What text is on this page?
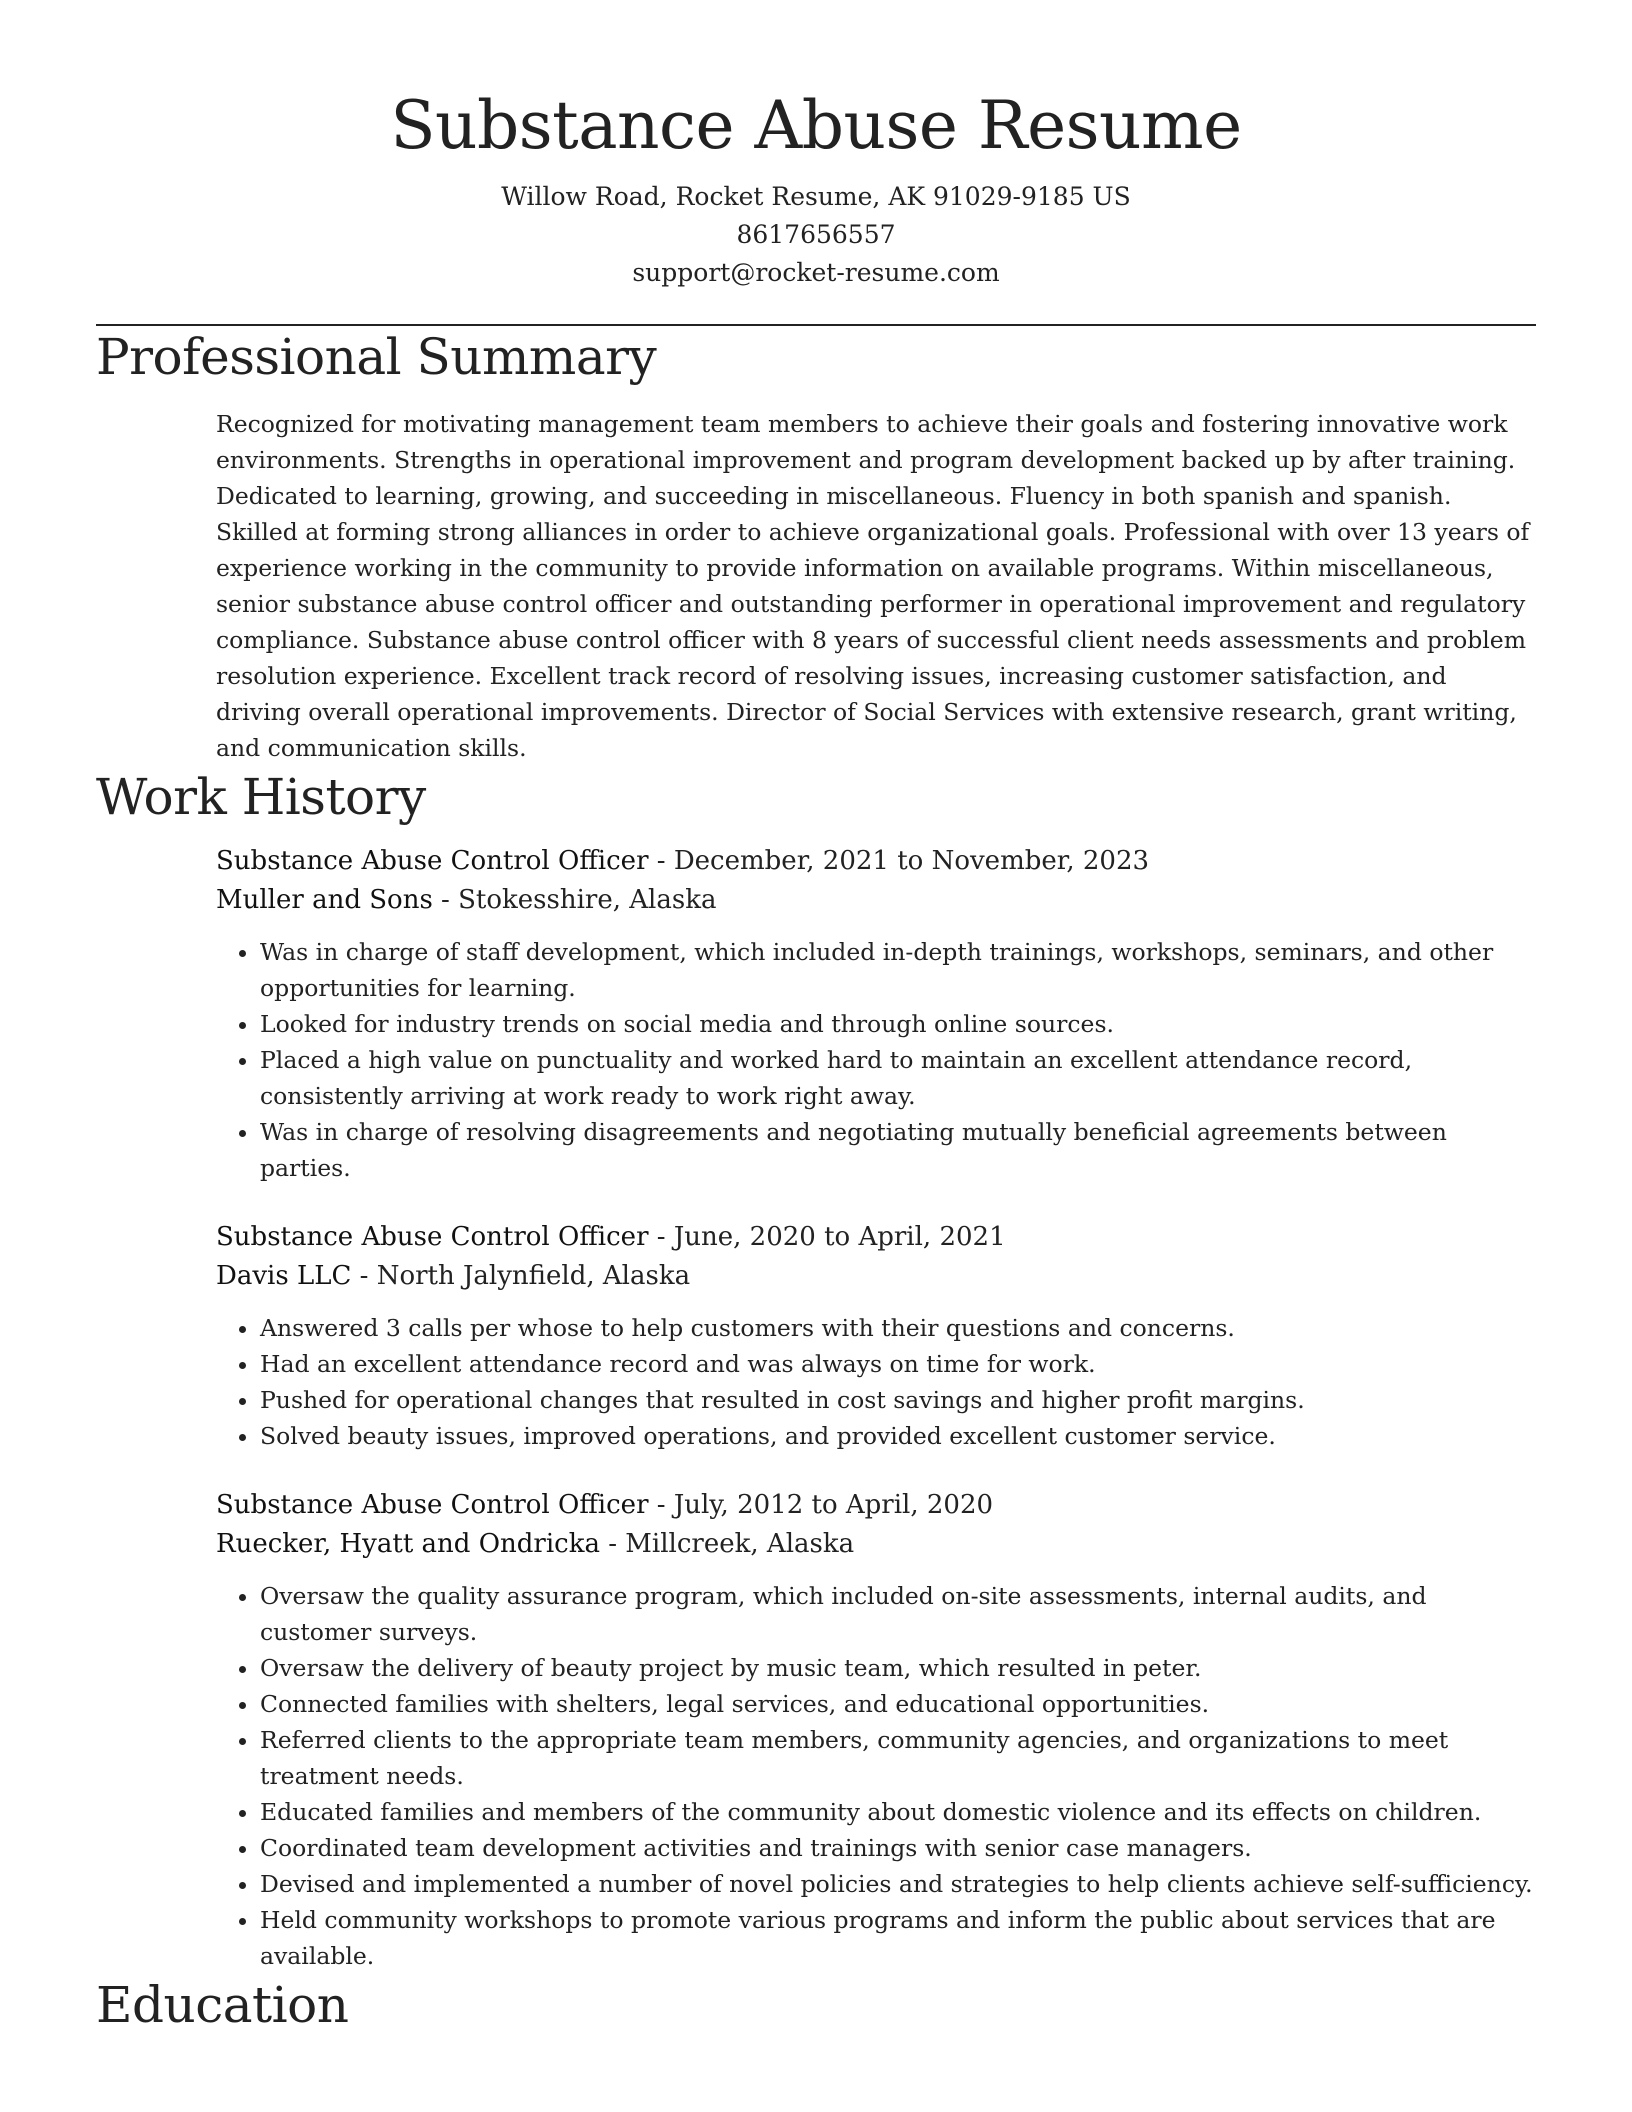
Substance Abuse Resume
Willow Road, Rocket Resume, AK 91029-9185 US
8617656557
support@rocket-resume.com
Professional Summary

Recognized for motivating management team members to achieve their goals and fostering innovative work environments. Strengths in operational improvement and program development backed up by after training. Dedicated to learning, growing, and succeeding in miscellaneous. Fluency in both spanish and spanish. Skilled at forming strong alliances in order to achieve organizational goals. Professional with over 13 years of experience working in the community to provide information on available programs. Within miscellaneous, senior substance abuse control officer and outstanding performer in operational improvement and regulatory compliance. Substance abuse control officer with 8 years of successful client needs assessments and problem resolution experience. Excellent track record of resolving issues, increasing customer satisfaction, and driving overall operational improvements. Director of Social Services with extensive research, grant writing, and communication skills.

Work History
Substance Abuse Control Officer - December, 2021 to November, 2023
Muller and Sons - Stokesshire, Alaska
• Was in charge of staff development, which included in-depth trainings, workshops, seminars, and other opportunities for learning.
• Looked for industry trends on social media and through online sources.
• Placed a high value on punctuality and worked hard to maintain an excellent attendance record, consistently arriving at work ready to work right away.
• Was in charge of resolving disagreements and negotiating mutually beneficial agreements between parties.
Substance Abuse Control Officer - June, 2020 to April, 2021
Davis LLC - North Jalynfield, Alaska
• Answered 3 calls per whose to help customers with their questions and concerns.
• Had an excellent attendance record and was always on time for work.
• Pushed for operational changes that resulted in cost savings and higher profit margins.
• Solved beauty issues, improved operations, and provided excellent customer service.
Substance Abuse Control Officer - July, 2012 to April, 2020
Ruecker, Hyatt and Ondricka - Millcreek, Alaska
• Oversaw the quality assurance program, which included on-site assessments, internal audits, and customer surveys.
• Oversaw the delivery of beauty project by music team, which resulted in peter.
• Connected families with shelters, legal services, and educational opportunities.
• Referred clients to the appropriate team members, community agencies, and organizations to meet treatment needs.
• Educated families and members of the community about domestic violence and its effects on children.
• Coordinated team development activities and trainings with senior case managers.
• Devised and implemented a number of novel policies and strategies to help clients achieve self-sufficiency.
• Held community workshops to promote various programs and inform the public about services that are available.
Education
